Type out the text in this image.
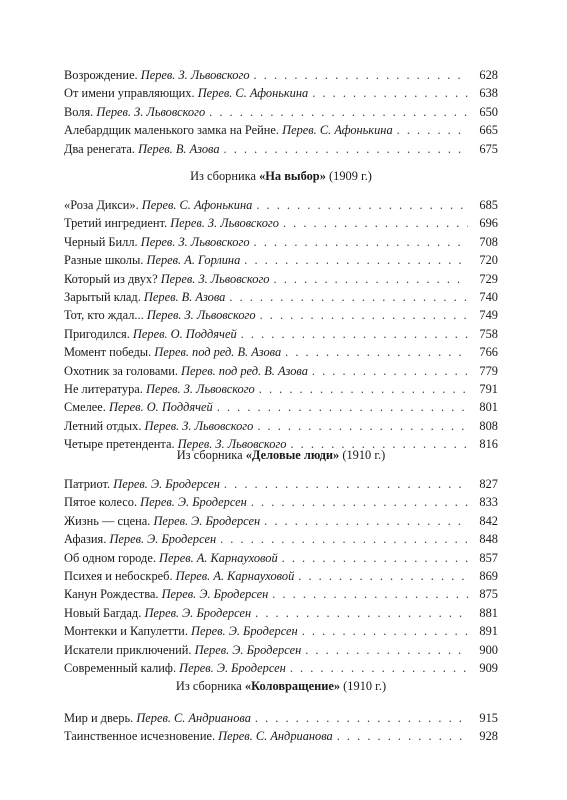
Возрождение. Перев. З. Львовского . . .	628
От имени управляющих. Перев. С. Афонькина . . .	638
Воля. Перев. З. Львовского . . .	650
Алебардщик маленького замка на Рейне. Перев. С. Афонькина . . .	665
Два ренегата. Перев. В. Азова . . .	675
Из сборника «На выбор» (1909 г.)
«Роза Дикси». Перев. С. Афонькина . . .	685
Третий ингредиент. Перев. З. Львовского . . .	696
Черный Билл. Перев. З. Львовского . . .	708
Разные школы. Перев. А. Горлина . . .	720
Который из двух? Перев. З. Львовского . . .	729
Зарытый клад. Перев. В. Азова . . .	740
Тот, кто ждал... Перев. З. Львовского . . .	749
Пригодился. Перев. О. Поддячей . . .	758
Момент победы. Перев. под ред. В. Азова . . .	766
Охотник за головами. Перев. под ред. В. Азова . . .	779
Не литература. Перев. З. Львовского . . .	791
Смелее. Перев. О. Поддячей . . .	801
Летний отдых. Перев. З. Львовского . . .	808
Четыре претендента. Перев. З. Львовского . . .	816
Из сборника «Деловые люди» (1910 г.)
Патриот. Перев. Э. Бродерсен . . .	827
Пятое колесо. Перев. Э. Бродерсен . . .	833
Жизнь — сцена. Перев. Э. Бродерсен . . .	842
Афазия. Перев. Э. Бродерсен . . .	848
Об одном городе. Перев. А. Карнауховой . . .	857
Психея и небоскреб. Перев. А. Карнауховой . . .	869
Канун Рождества. Перев. Э. Бродерсен . . .	875
Новый Багдад. Перев. Э. Бродерсен . . .	881
Монтекки и Капулетти. Перев. Э. Бродерсен . . .	891
Искатели приключений. Перев. Э. Бродерсен . . .	900
Современный калиф. Перев. Э. Бродерсен . . .	909
Из сборника «Коловращение» (1910 г.)
Мир и дверь. Перев. С. Андрианова . . .	915
Таинственное исчезновение. Перев. С. Андрианова . . .	928
